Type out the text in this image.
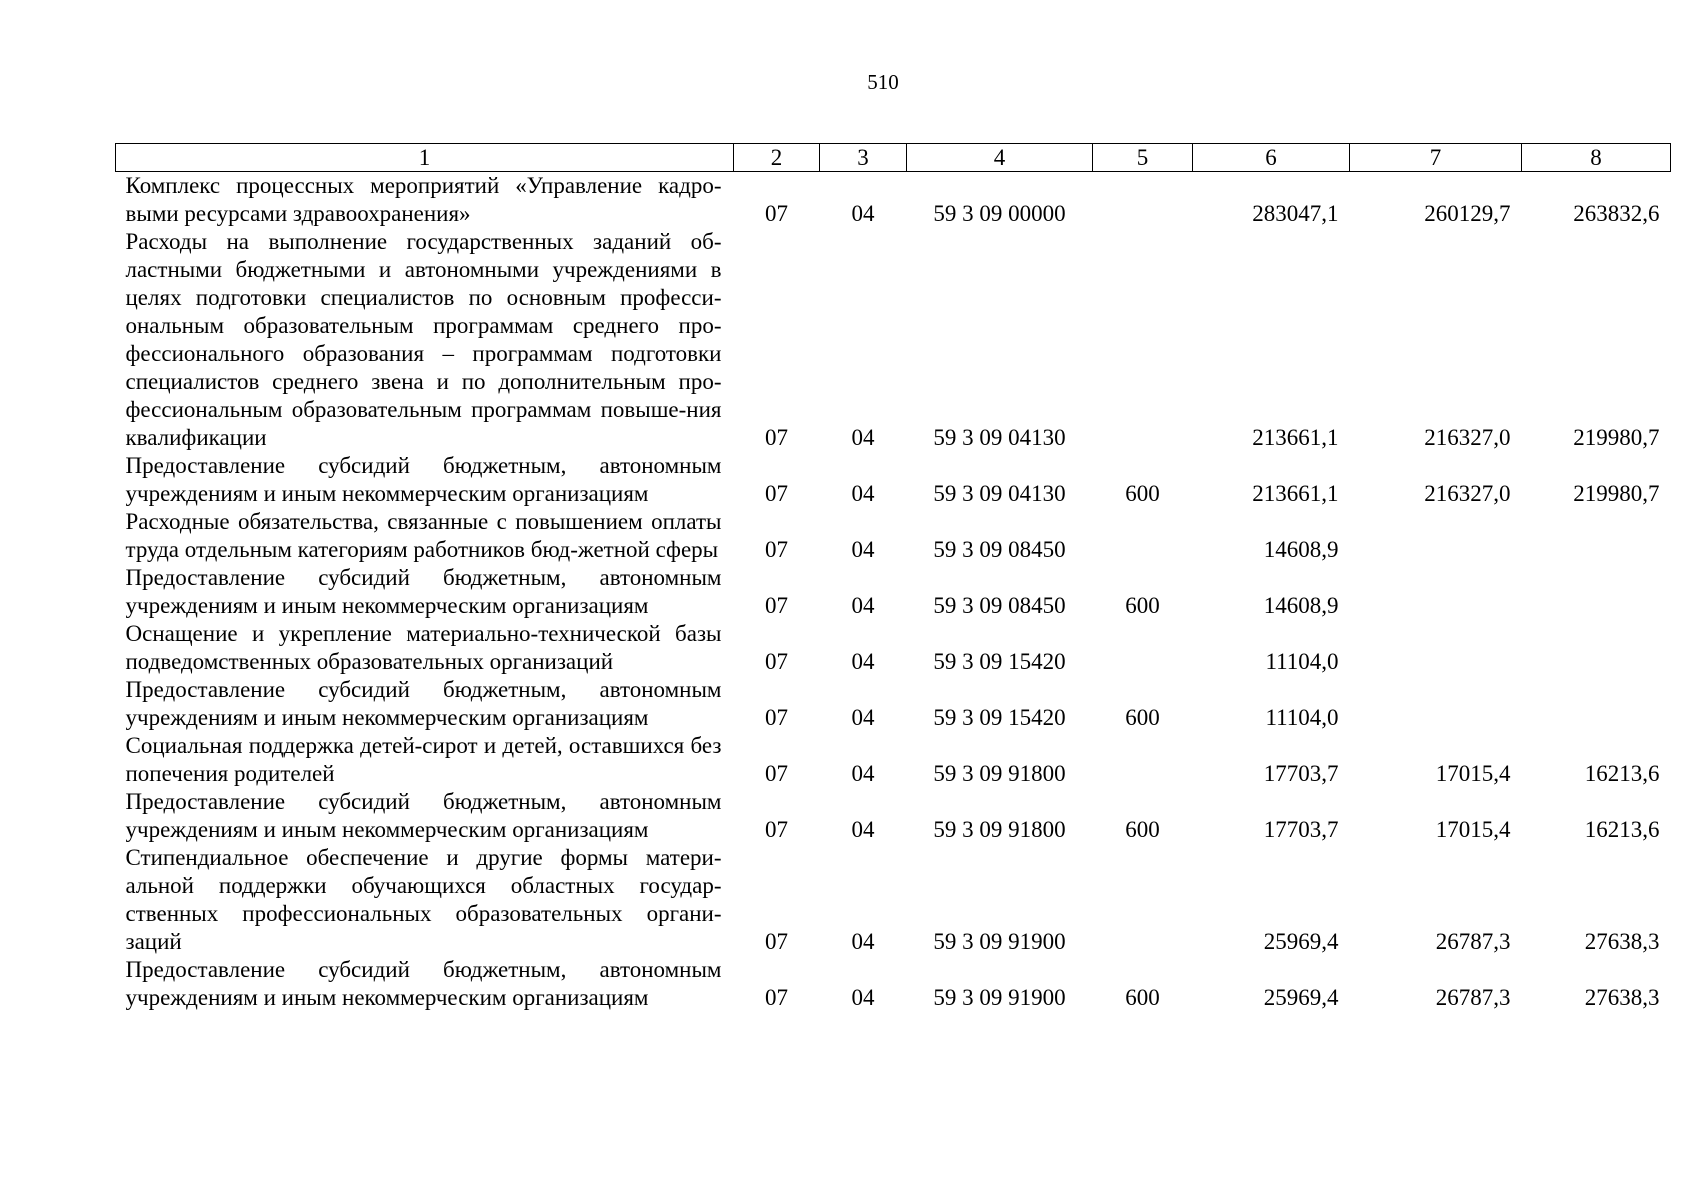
510
1	2	3	4	5	6	7	8
Комплекс процессных мероприятий «Управление кадро-выми ресурсами здравоохранения»	07	04	59 3 09 00000		283047,1	260129,7	263832,6
Расходы на выполнение государственных заданий об-ластными бюджетными и автономными учреждениями в целях подготовки специалистов по основным професси-ональным образовательным программам среднего про-фессионального образования – программам подготовки специалистов среднего звена и по дополнительным про-фессиональным образовательным программам повыше-ния квалификации	07	04	59 3 09 04130		213661,1	216327,0	219980,7
Предоставление субсидий бюджетным, автономным учреждениям и иным некоммерческим организациям	07	04	59 3 09 04130	600	213661,1	216327,0	219980,7
Расходные обязательства, связанные с повышением оплаты труда отдельным категориям работников бюд-жетной сферы	07	04	59 3 09 08450		14608,9		
Предоставление субсидий бюджетным, автономным учреждениям и иным некоммерческим организациям	07	04	59 3 09 08450	600	14608,9		
Оснащение и укрепление материально-технической базы подведомственных образовательных организаций	07	04	59 3 09 15420		11104,0		
Предоставление субсидий бюджетным, автономным учреждениям и иным некоммерческим организациям	07	04	59 3 09 15420	600	11104,0		
Социальная поддержка детей-сирот и детей, оставшихся без попечения родителей	07	04	59 3 09 91800		17703,7	17015,4	16213,6
Предоставление субсидий бюджетным, автономным учреждениям и иным некоммерческим организациям	07	04	59 3 09 91800	600	17703,7	17015,4	16213,6
Стипендиальное обеспечение и другие формы матери-альной поддержки обучающихся областных государ-ственных профессиональных образовательных органи-заций	07	04	59 3 09 91900		25969,4	26787,3	27638,3
Предоставление субсидий бюджетным, автономным учреждениям и иным некоммерческим организациям	07	04	59 3 09 91900	600	25969,4	26787,3	27638,3
